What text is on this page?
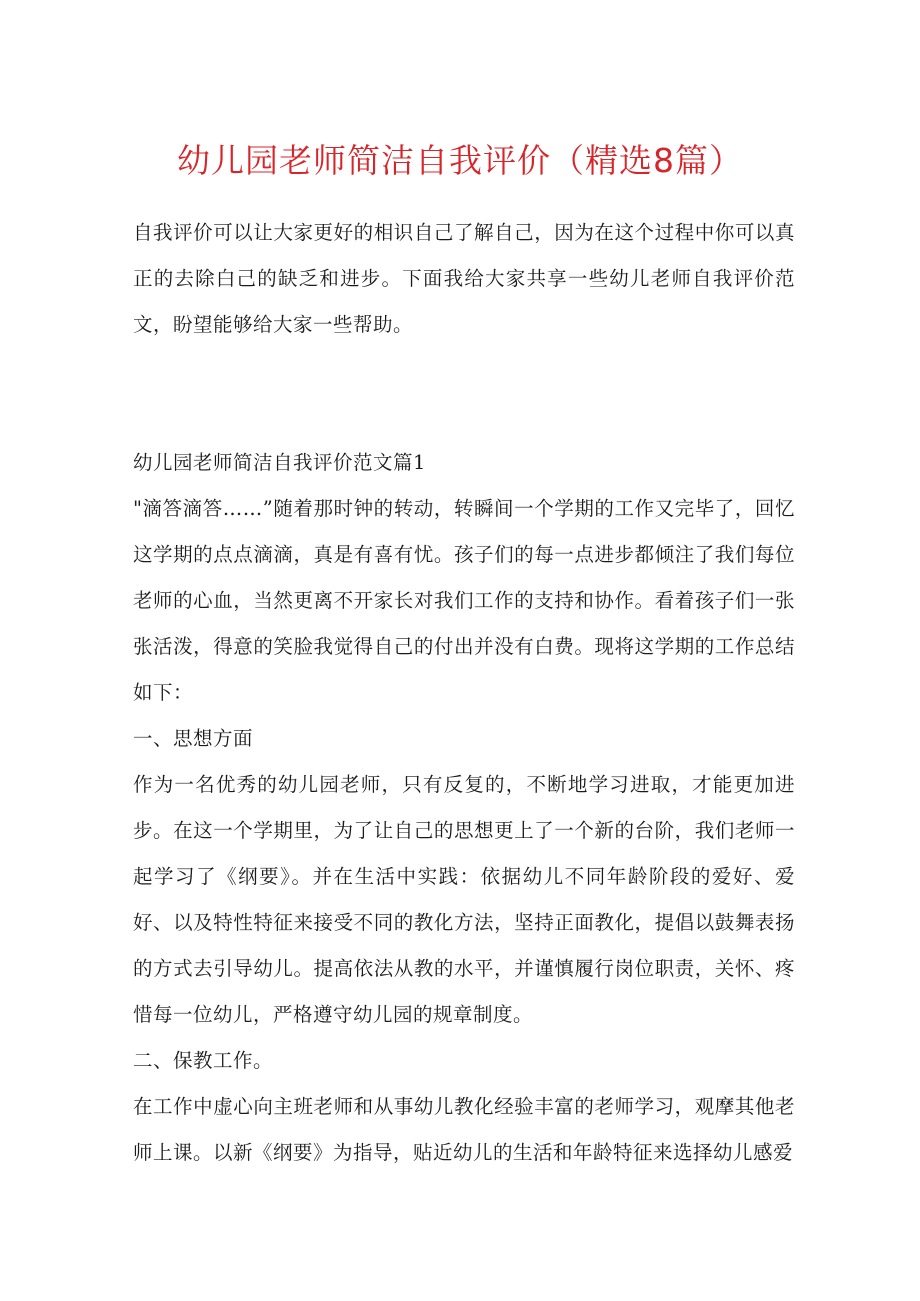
幼儿园老师简洁自我评价（精选8篇）

自我评价可以让大家更好的相识自己了解自己，因为在这个过程中你可以真正的去除白己的缺乏和进步。下面我给大家共享一些幼儿老师自我评价范文，盼望能够给大家一些帮助。

幼儿园老师简洁自我评价范文篇1

"滴答滴答……”随着那时钟的转动，转瞬间一个学期的工作又完毕了，回忆这学期的点点滴滴，真是有喜有忧。孩子们的每一点进步都倾注了我们每位老师的心血，当然更离不开家长对我们工作的支持和协作。看着孩子们一张张活泼，得意的笑脸我觉得自己的付出并没有白费。现将这学期的工作总结如下：

一、思想方面

作为一名优秀的幼儿园老师，只有反复的，不断地学习进取，才能更加进步。在这一个学期里，为了让自己的思想更上了一个新的台阶，我们老师一起学习了《纲要》。并在生活中实践：依据幼儿不同年龄阶段的爱好、爱好、以及特性特征来接受不同的教化方法，坚持正面教化，提倡以鼓舞表扬的方式去引导幼儿。提高依法从教的水平，并谨慎履行岗位职责，关怀、疼惜每一位幼儿，严格遵守幼儿园的规章制度。

二、保教工作。

在工作中虚心向主班老师和从事幼儿教化经验丰富的老师学习，观摩其他老师上课。以新《纲要》为指导，贴近幼儿的生活和年龄特征来选择幼儿感爱
